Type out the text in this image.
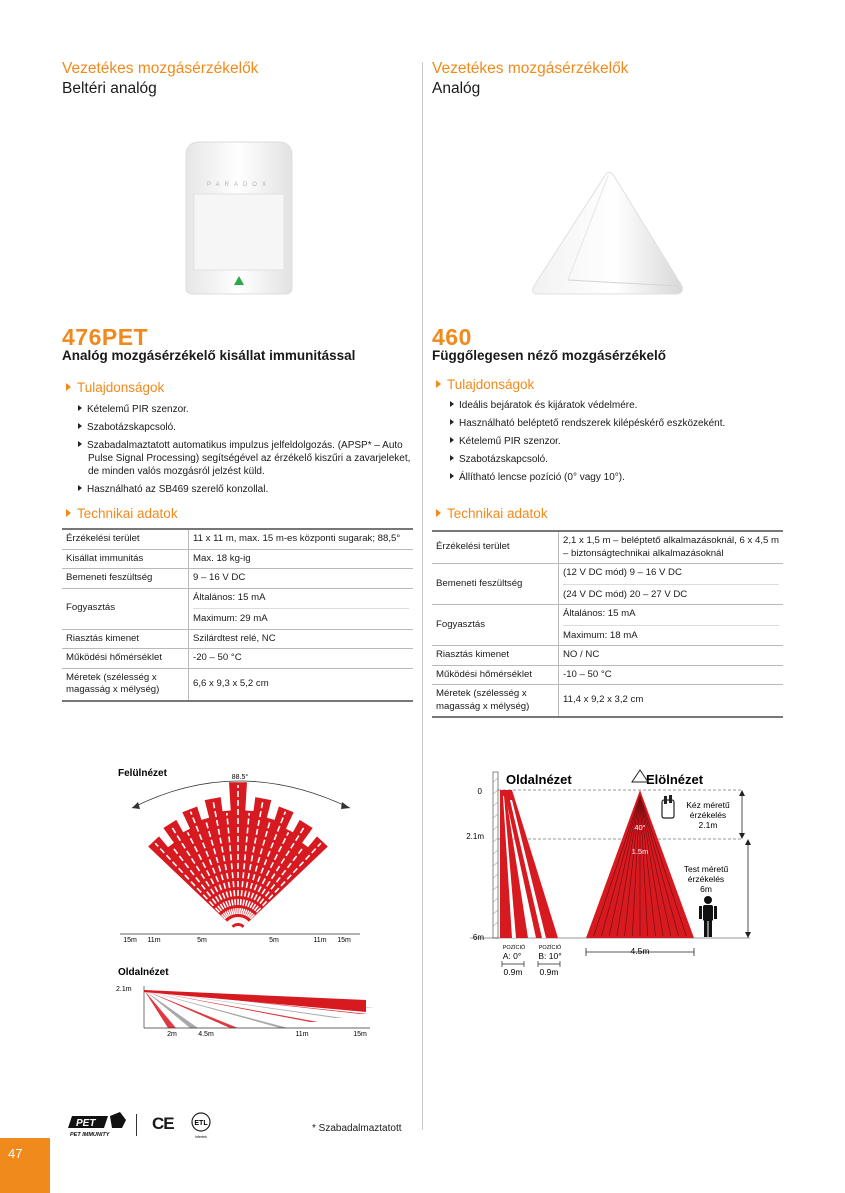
Vezetékes mozgásérzékelők
Beltéri analóg
PARADOX
476PET
Analóg mozgásérzékelő kisállat immunitással
Tulajdonságok
Kételemű PIR szenzor.
Szabotázskapcsoló.
Szabadalmaztatott automatikus impulzus jelfeldolgozás. (APSP* – Auto Pulse Signal Processing) segítségével az érzékelő kiszűri a zavarjeleket, de minden valós mozgásról jelzést küld.
Használható az SB469 szerelő konzollal.
Technikai adatok
Érzékelési terület	11 x 11 m, max. 15 m-es központi sugarak; 88,5°

Kisállat immunitás	Max. 18 kg-ig

Bemeneti feszültség	9 – 16 V DC

Fogyasztás	Általános: 15 mA
Maximum: 29 mA

Riasztás kimenet	Szilárdtest relé, NC

Működési hőmérséklet	-20 – 50 °C

Méretek (szélesség x magasság x mélység)	6,6 x 9,3 x 5,2 cm
Felülnézet	88.5°
15m 11m	5m	5m	11m 15m
Oldalnézet
2.1m
2m	4.5m	11m	15m
Vezetékes mozgásérzékelők
Analóg
460
Függőlegesen néző mozgásérzékelő
Tulajdonságok
Ideális bejáratok és kijáratok védelmére.
Használható beléptető rendszerek kilépéskérő eszközeként.
Kételemű PIR szenzor.
Szabotázskapcsoló.
Állítható lencse pozíció (0° vagy 10°).
Technikai adatok
Érzékelési terület	2,1 x 1,5 m – beléptető alkalmazásoknál, 6 x 4,5 m – biztonságtechnikai alkalmazásoknál

Bemeneti feszültség	(12 V DC mód) 9 – 16 V DC
(24 V DC mód) 20 – 27 V DC

Fogyasztás	Általános: 15 mA
Maximum: 18 mA

Riasztás kimenet	NO / NC

Működési hőmérséklet	-10 – 50 °C

Méretek (szélesség x magasság x mélység)	11,4 x 9,2 x 3,2 cm
Oldalnézet	Elölnézet
0
2.1m
6m
40°
1.5m
Kéz méretű
érzékelés
2.1m
Test méretű
érzékelés
6m
4.5m
POZÍCIÓ POZÍCIÓ
A: 0° B: 10°
0.9m 0.9m
PET
PET IMMUNITY
CE	ETL
Intertek
* Szabadalmaztatott
47
